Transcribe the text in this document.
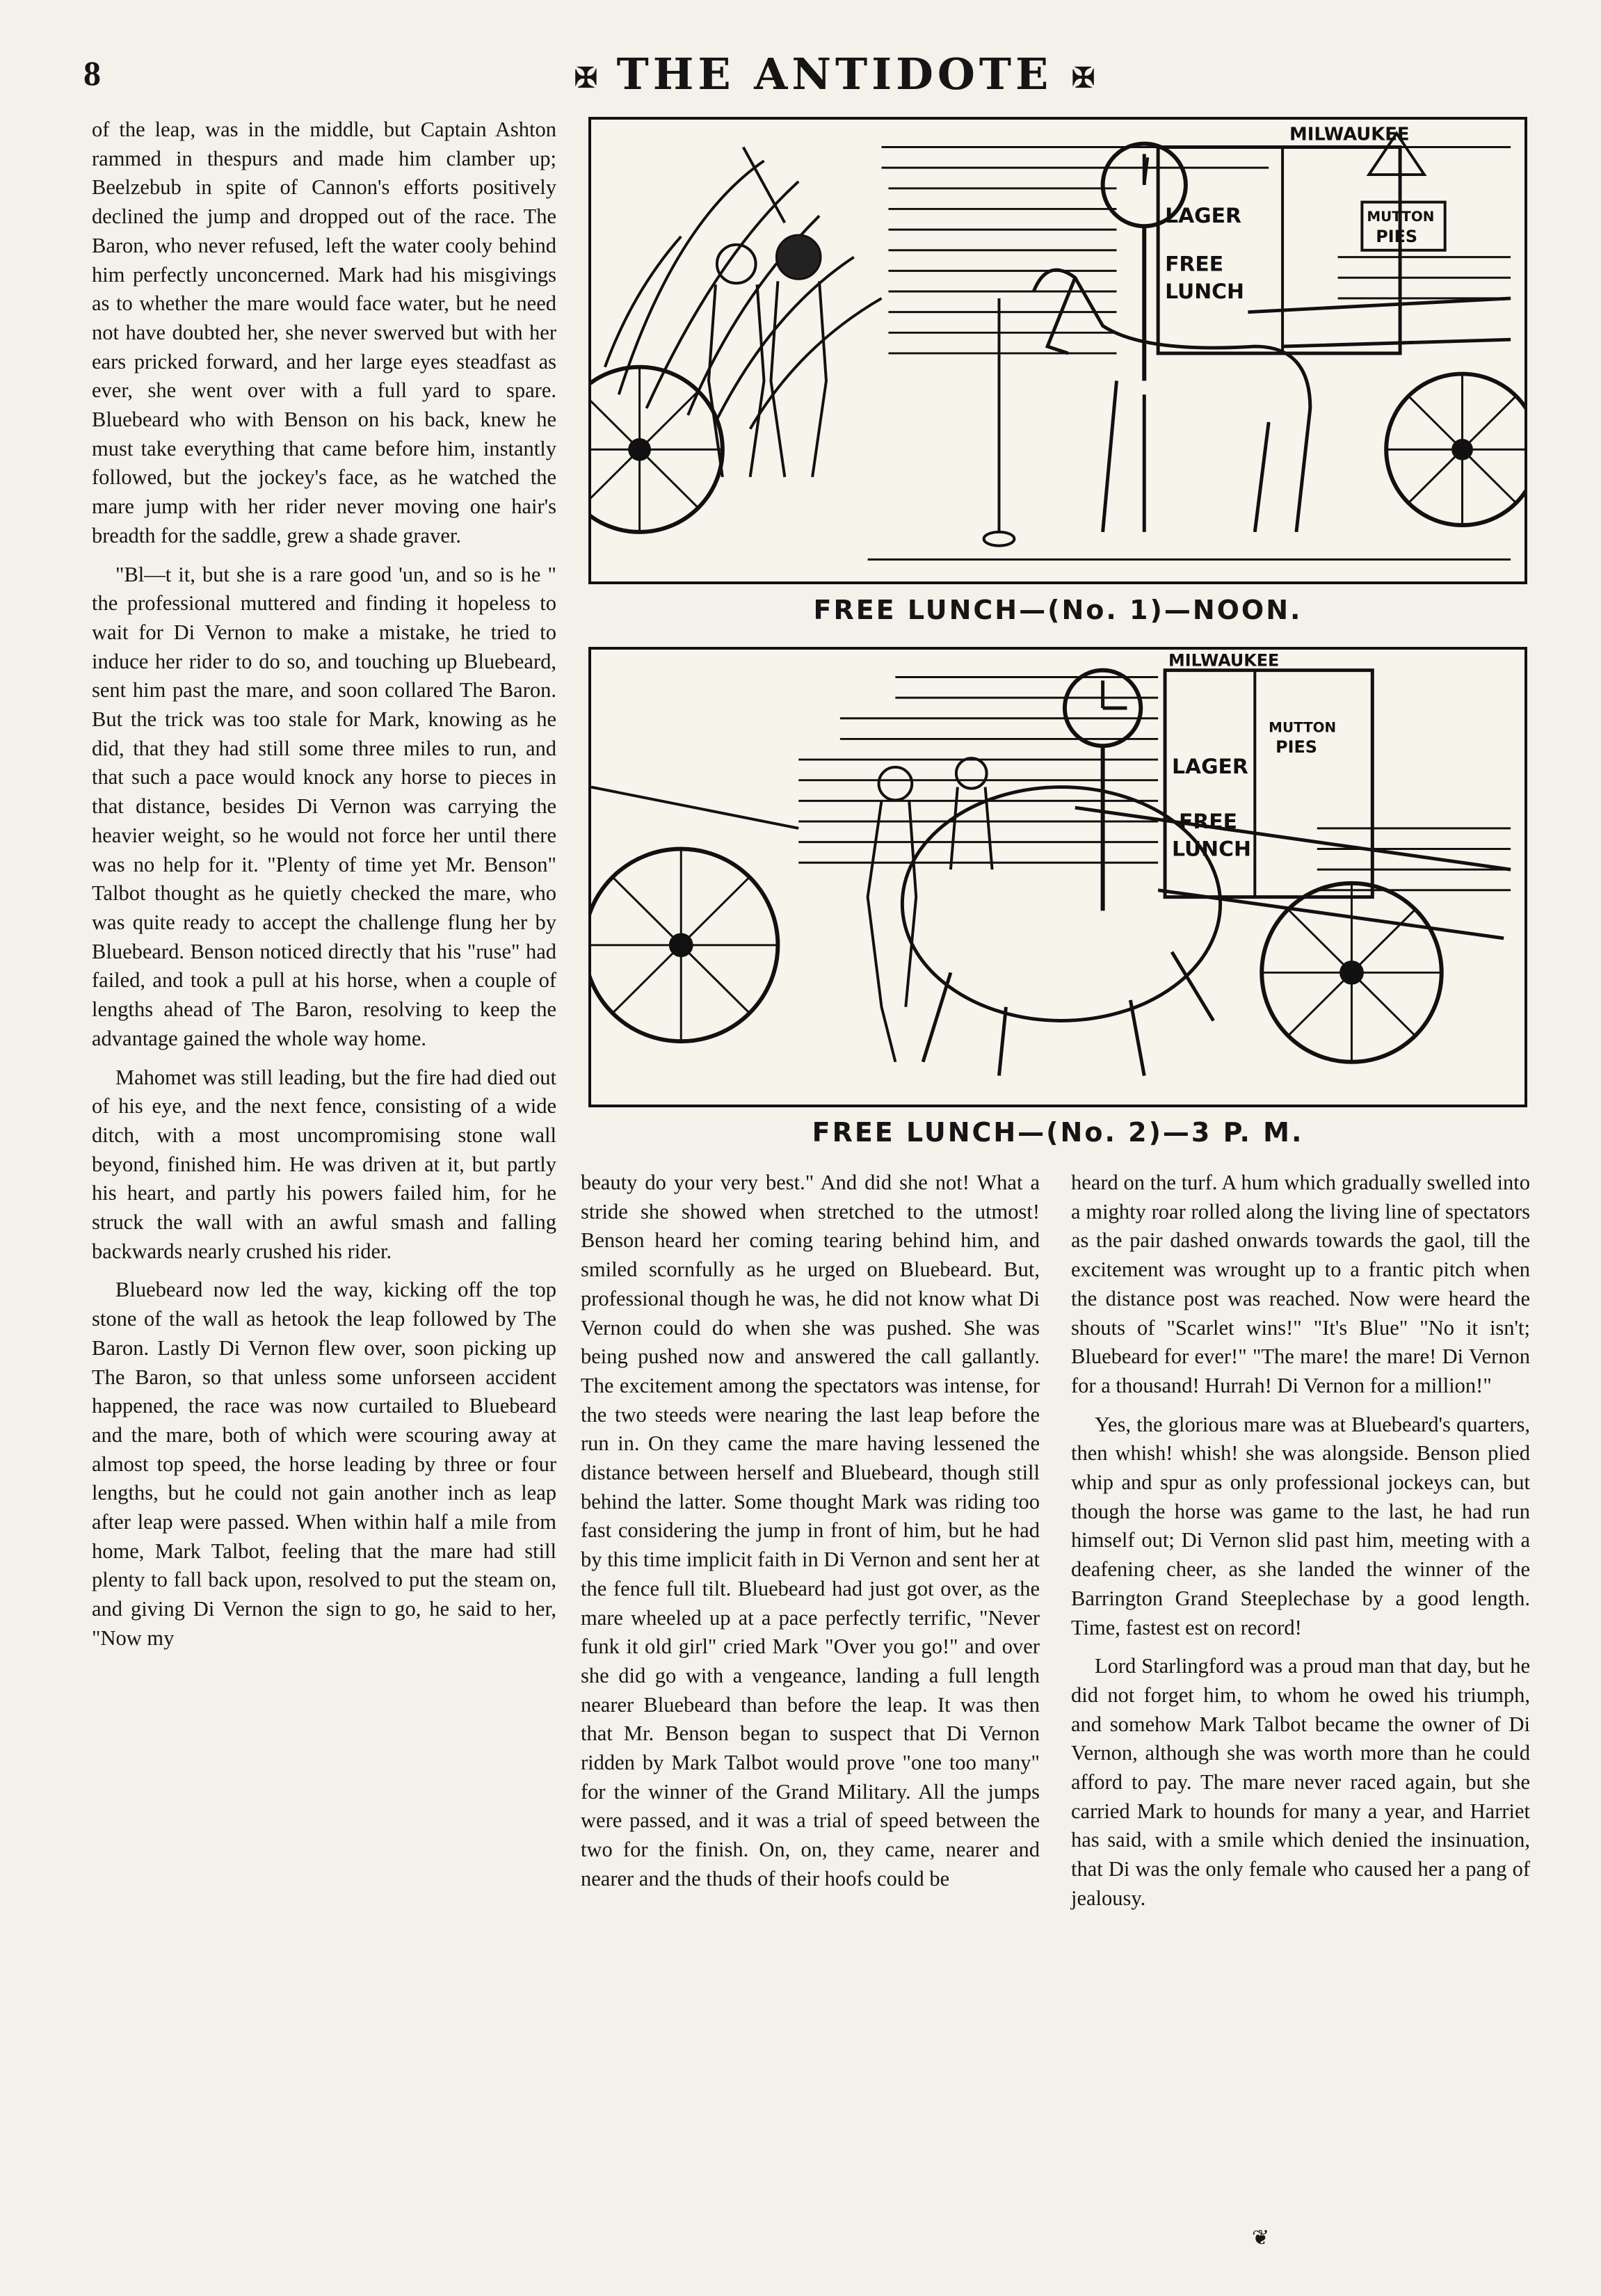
8	✠ THE ANTIDOTE ✠

of the leap, was in the middle, but Captain Ashton rammed in thespurs and made him clamber up; Beelzebub in spite of Cannon's efforts positively declined the jump and dropped out of the race. The Baron, who never refused, left the water cooly behind him perfectly unconcerned. Mark had his misgivings as to whether the mare would face water, but he need not have doubted her, she never swerved but with her ears pricked forward, and her large eyes steadfast as ever, she went over with a full yard to spare. Bluebeard who with Benson on his back, knew he must take everything that came before him, instantly followed, but the jockey's face, as he watched the mare jump with her rider never moving one hair's breadth for the saddle, grew a shade graver.

"Bl—t it, but she is a rare good 'un, and so is he " the professional muttered and finding it hopeless to wait for Di Vernon to make a mistake, he tried to induce her rider to do so, and touching up Bluebeard, sent him past the mare, and soon collared The Baron. But the trick was too stale for Mark, knowing as he did, that they had still some three miles to run, and that such a pace would knock any horse to pieces in that distance, besides Di Vernon was carrying the heavier weight, so he would not force her until there was no help for it. "Plenty of time yet Mr. Benson" Talbot thought as he quietly checked the mare, who was quite ready to accept the challenge flung her by Bluebeard. Benson noticed directly that his "ruse" had failed, and took a pull at his horse, when a couple of lengths ahead of The Baron, resolving to keep the advantage gained the whole way home.

Mahomet was still leading, but the fire had died out of his eye, and the next fence, consisting of a wide ditch, with a most uncompromising stone wall beyond, finished him. He was driven at it, but partly his heart, and partly his powers failed him, for he struck the wall with an awful smash and falling backwards nearly crushed his rider.

Bluebeard now led the way, kicking off the top stone of the wall as hetook the leap followed by The Baron. Lastly Di Vernon flew over, soon picking up The Baron, so that unless some unforseen accident happened, the race was now curtailed to Bluebeard and the mare, both of which were scouring away at almost top speed, the horse leading by three or four lengths, but he could not gain another inch as leap after leap were passed. When within half a mile from home, Mark Talbot, feeling that the mare had still plenty to fall back upon, resolved to put the steam on, and giving Di Vernon the sign to go, he said to her, "Now my

MILWAUKEE
LAGER
FREE
LUNCH
MUTTON
PIES
FREE LUNCH—(No. 1)—NOON.
MILWAUKEE
LAGER
MUTTON
PIES
FREE
LUNCH
FREE LUNCH—(No. 2)—3 P. M.

beauty do your very best." And did she not! What a stride she showed when stretched to the utmost! Benson heard her coming tearing behind him, and smiled scornfully as he urged on Bluebeard. But, professional though he was, he did not know what Di Vernon could do when she was pushed. She was being pushed now and answered the call gallantly. The excitement among the spectators was intense, for the two steeds were nearing the last leap before the run in. On they came the mare having lessened the distance between herself and Bluebeard, though still behind the latter. Some thought Mark was riding too fast considering the jump in front of him, but he had by this time implicit faith in Di Vernon and sent her at the fence full tilt. Bluebeard had just got over, as the mare wheeled up at a pace perfectly terrific, "Never funk it old girl" cried Mark "Over you go!" and over she did go with a vengeance, landing a full length nearer Bluebeard than before the leap. It was then that Mr. Benson began to suspect that Di Vernon ridden by Mark Talbot would prove "one too many" for the winner of the Grand Military. All the jumps were passed, and it was a trial of speed between the two for the finish. On, on, they came, nearer and nearer and the thuds of their hoofs could be

heard on the turf. A hum which gradually swelled into a mighty roar rolled along the living line of spectators as the pair dashed onwards towards the gaol, till the excitement was wrought up to a frantic pitch when the distance post was reached. Now were heard the shouts of "Scarlet wins!" "It's Blue" "No it isn't; Bluebeard for ever!" "The mare! the mare! Di Vernon for a thousand! Hurrah! Di Vernon for a million!"

Yes, the glorious mare was at Bluebeard's quarters, then whish! whish! she was alongside. Benson plied whip and spur as only professional jockeys can, but though the horse was game to the last, he had run himself out; Di Vernon slid past him, meeting with a deafening cheer, as she landed the winner of the Barrington Grand Steeplechase by a good length. Time, fastest est on record!

Lord Starlingford was a proud man that day, but he did not forget him, to whom he owed his triumph, and somehow Mark Talbot became the owner of Di Vernon, although she was worth more than he could afford to pay. The mare never raced again, but she carried Mark to hounds for many a year, and Harriet has said, with a smile which denied the insinuation, that Di was the only female who caused her a pang of jealousy.

❦
